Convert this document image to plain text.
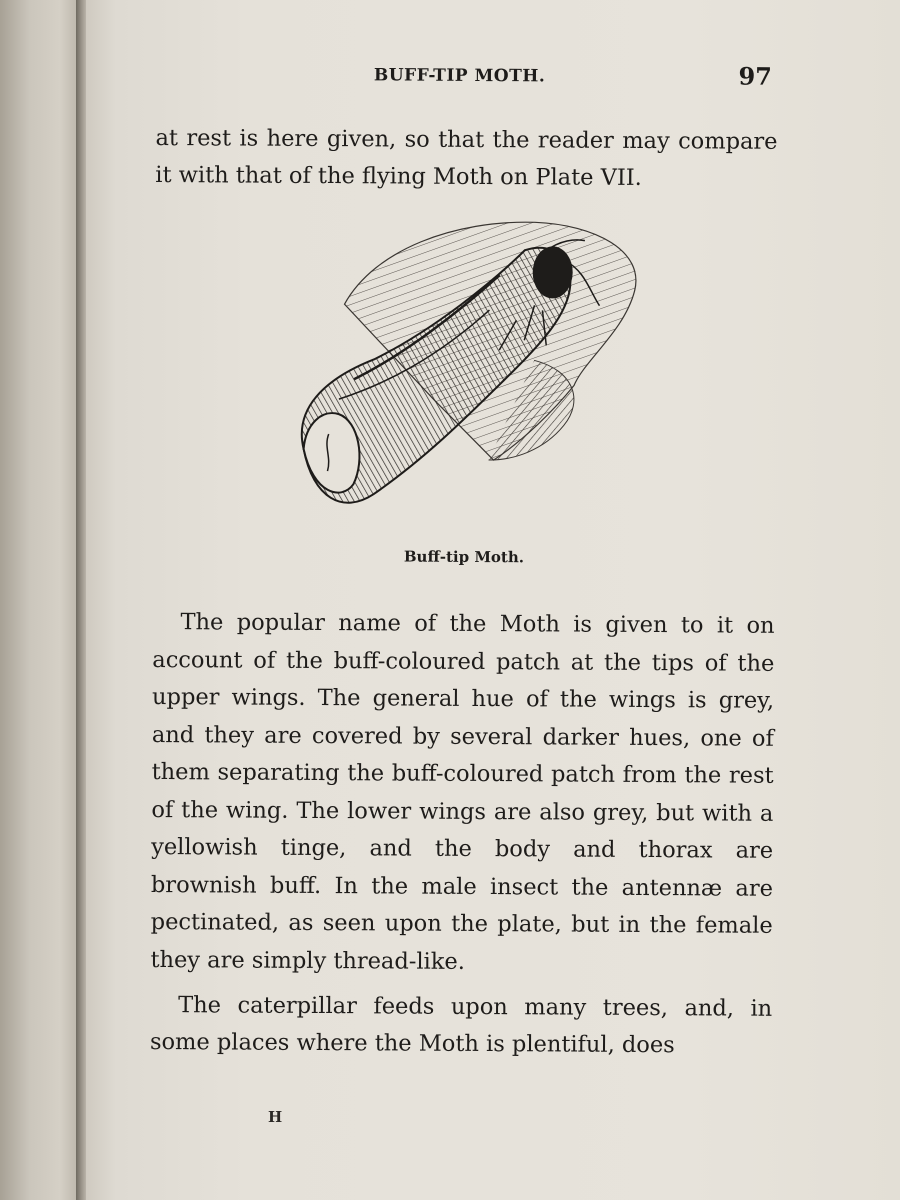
BUFF-TIP MOTH.	97

at rest is here given, so that the reader may compare it with that of the flying Moth on Plate VII.

Buff-tip Moth.

The popular name of the Moth is given to it on account of the buff-coloured patch at the tips of the upper wings. The general hue of the wings is grey, and they are covered by several darker hues, one of them separating the buff-coloured patch from the rest of the wing. The lower wings are also grey, but with a yellowish tinge, and the body and thorax are brownish buff. In the male insect the antennæ are pectinated, as seen upon the plate, but in the female they are simply thread-like.

The caterpillar feeds upon many trees, and, in some places where the Moth is plentiful, does

H
